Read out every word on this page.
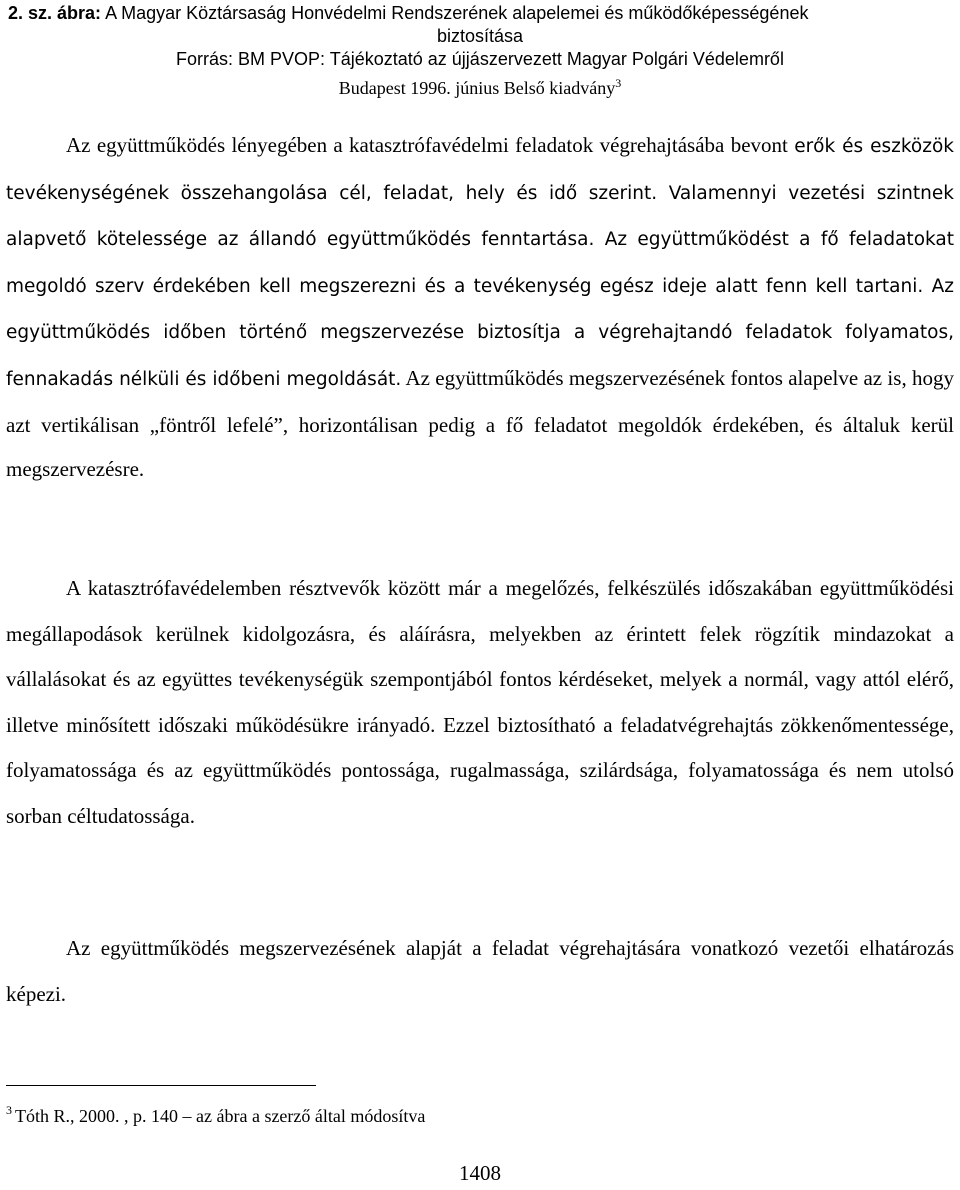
2. sz. ábra: A Magyar Köztársaság Honvédelmi Rendszerének alapelemei és működőképességének
biztosítása
Forrás: BM PVOP: Tájékoztató az újjászervezett Magyar Polgári Védelemről
Budapest 1996. június Belső kiadvány$^3$

Az együttműködés lényegében a katasztrófavédelmi feladatok végrehajtásába bevont erők és eszközök tevékenységének összehangolása cél, feladat, hely és idő szerint. Valamennyi vezetési szintnek alapvető kötelessége az állandó együttműködés fenntartása. Az együttműködést a fő feladatokat megoldó szerv érdekében kell megszerezni és a tevékenység egész ideje alatt fenn kell tartani. Az együttműködés időben történő megszervezése biztosítja a végrehajtandó feladatok folyamatos, fennakadás nélküli és időbeni megoldását. Az együttműködés megszervezésének fontos alapelve az is, hogy azt vertikálisan „föntről lefelé”, horizontálisan pedig a fő feladatot megoldók érdekében, és általuk kerül megszervezésre.

A katasztrófavédelemben résztvevők között már a megelőzés, felkészülés időszakában együttműködési megállapodások kerülnek kidolgozásra, és aláírásra, melyekben az érintett felek rögzítik mindazokat a vállalásokat és az együttes tevékenységük szempontjából fontos kérdéseket, melyek a normál, vagy attól elérő, illetve minősített időszaki működésükre irányadó. Ezzel biztosítható a feladatvégrehajtás zökkenőmentessége, folyamatossága és az együttműködés pontossága, rugalmassága, szilárdsága, folyamatossága és nem utolsó sorban céltudatossága.

Az együttműködés megszervezésének alapját a feladat végrehajtására vonatkozó vezetői elhatározás képezi.

$^3$ Tóth R., 2000. , p. 140 – az ábra a szerző által módosítva
1408
